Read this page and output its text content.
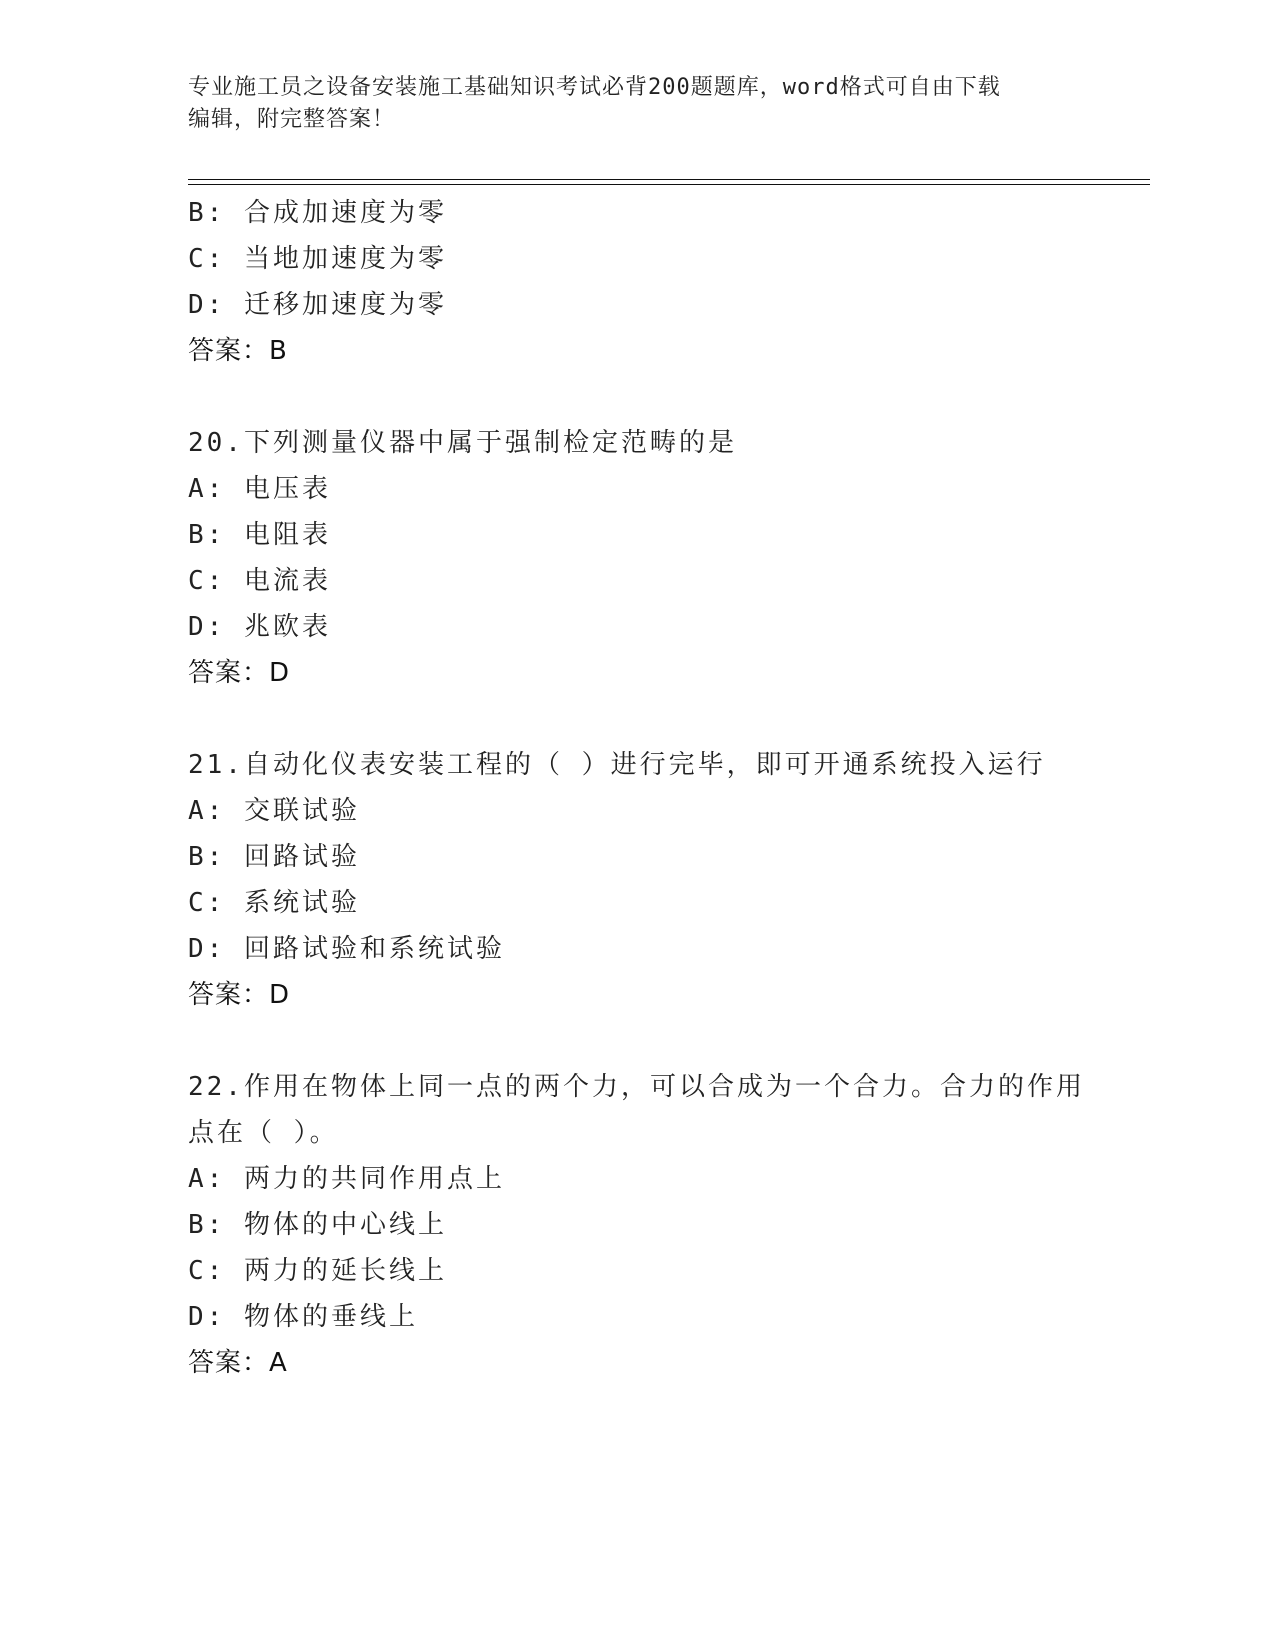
专业施工员之设备安装施工基础知识考试必背200题题库，word格式可自由下载
编辑，附完整答案！
B: 合成加速度为零
C: 当地加速度为零
D: 迁移加速度为零
答案：B
20.下列测量仪器中属于强制检定范畴的是
A: 电压表
B: 电阻表
C: 电流表
D: 兆欧表
答案：D
21.自动化仪表安装工程的（ ）进行完毕，即可开通系统投入运行
A: 交联试验
B: 回路试验
C: 系统试验
D: 回路试验和系统试验
答案：D
22.作用在物体上同一点的两个力，可以合成为一个合力。合力的作用
点在（ ）。
A: 两力的共同作用点上
B: 物体的中心线上
C: 两力的延长线上
D: 物体的垂线上
答案：A
